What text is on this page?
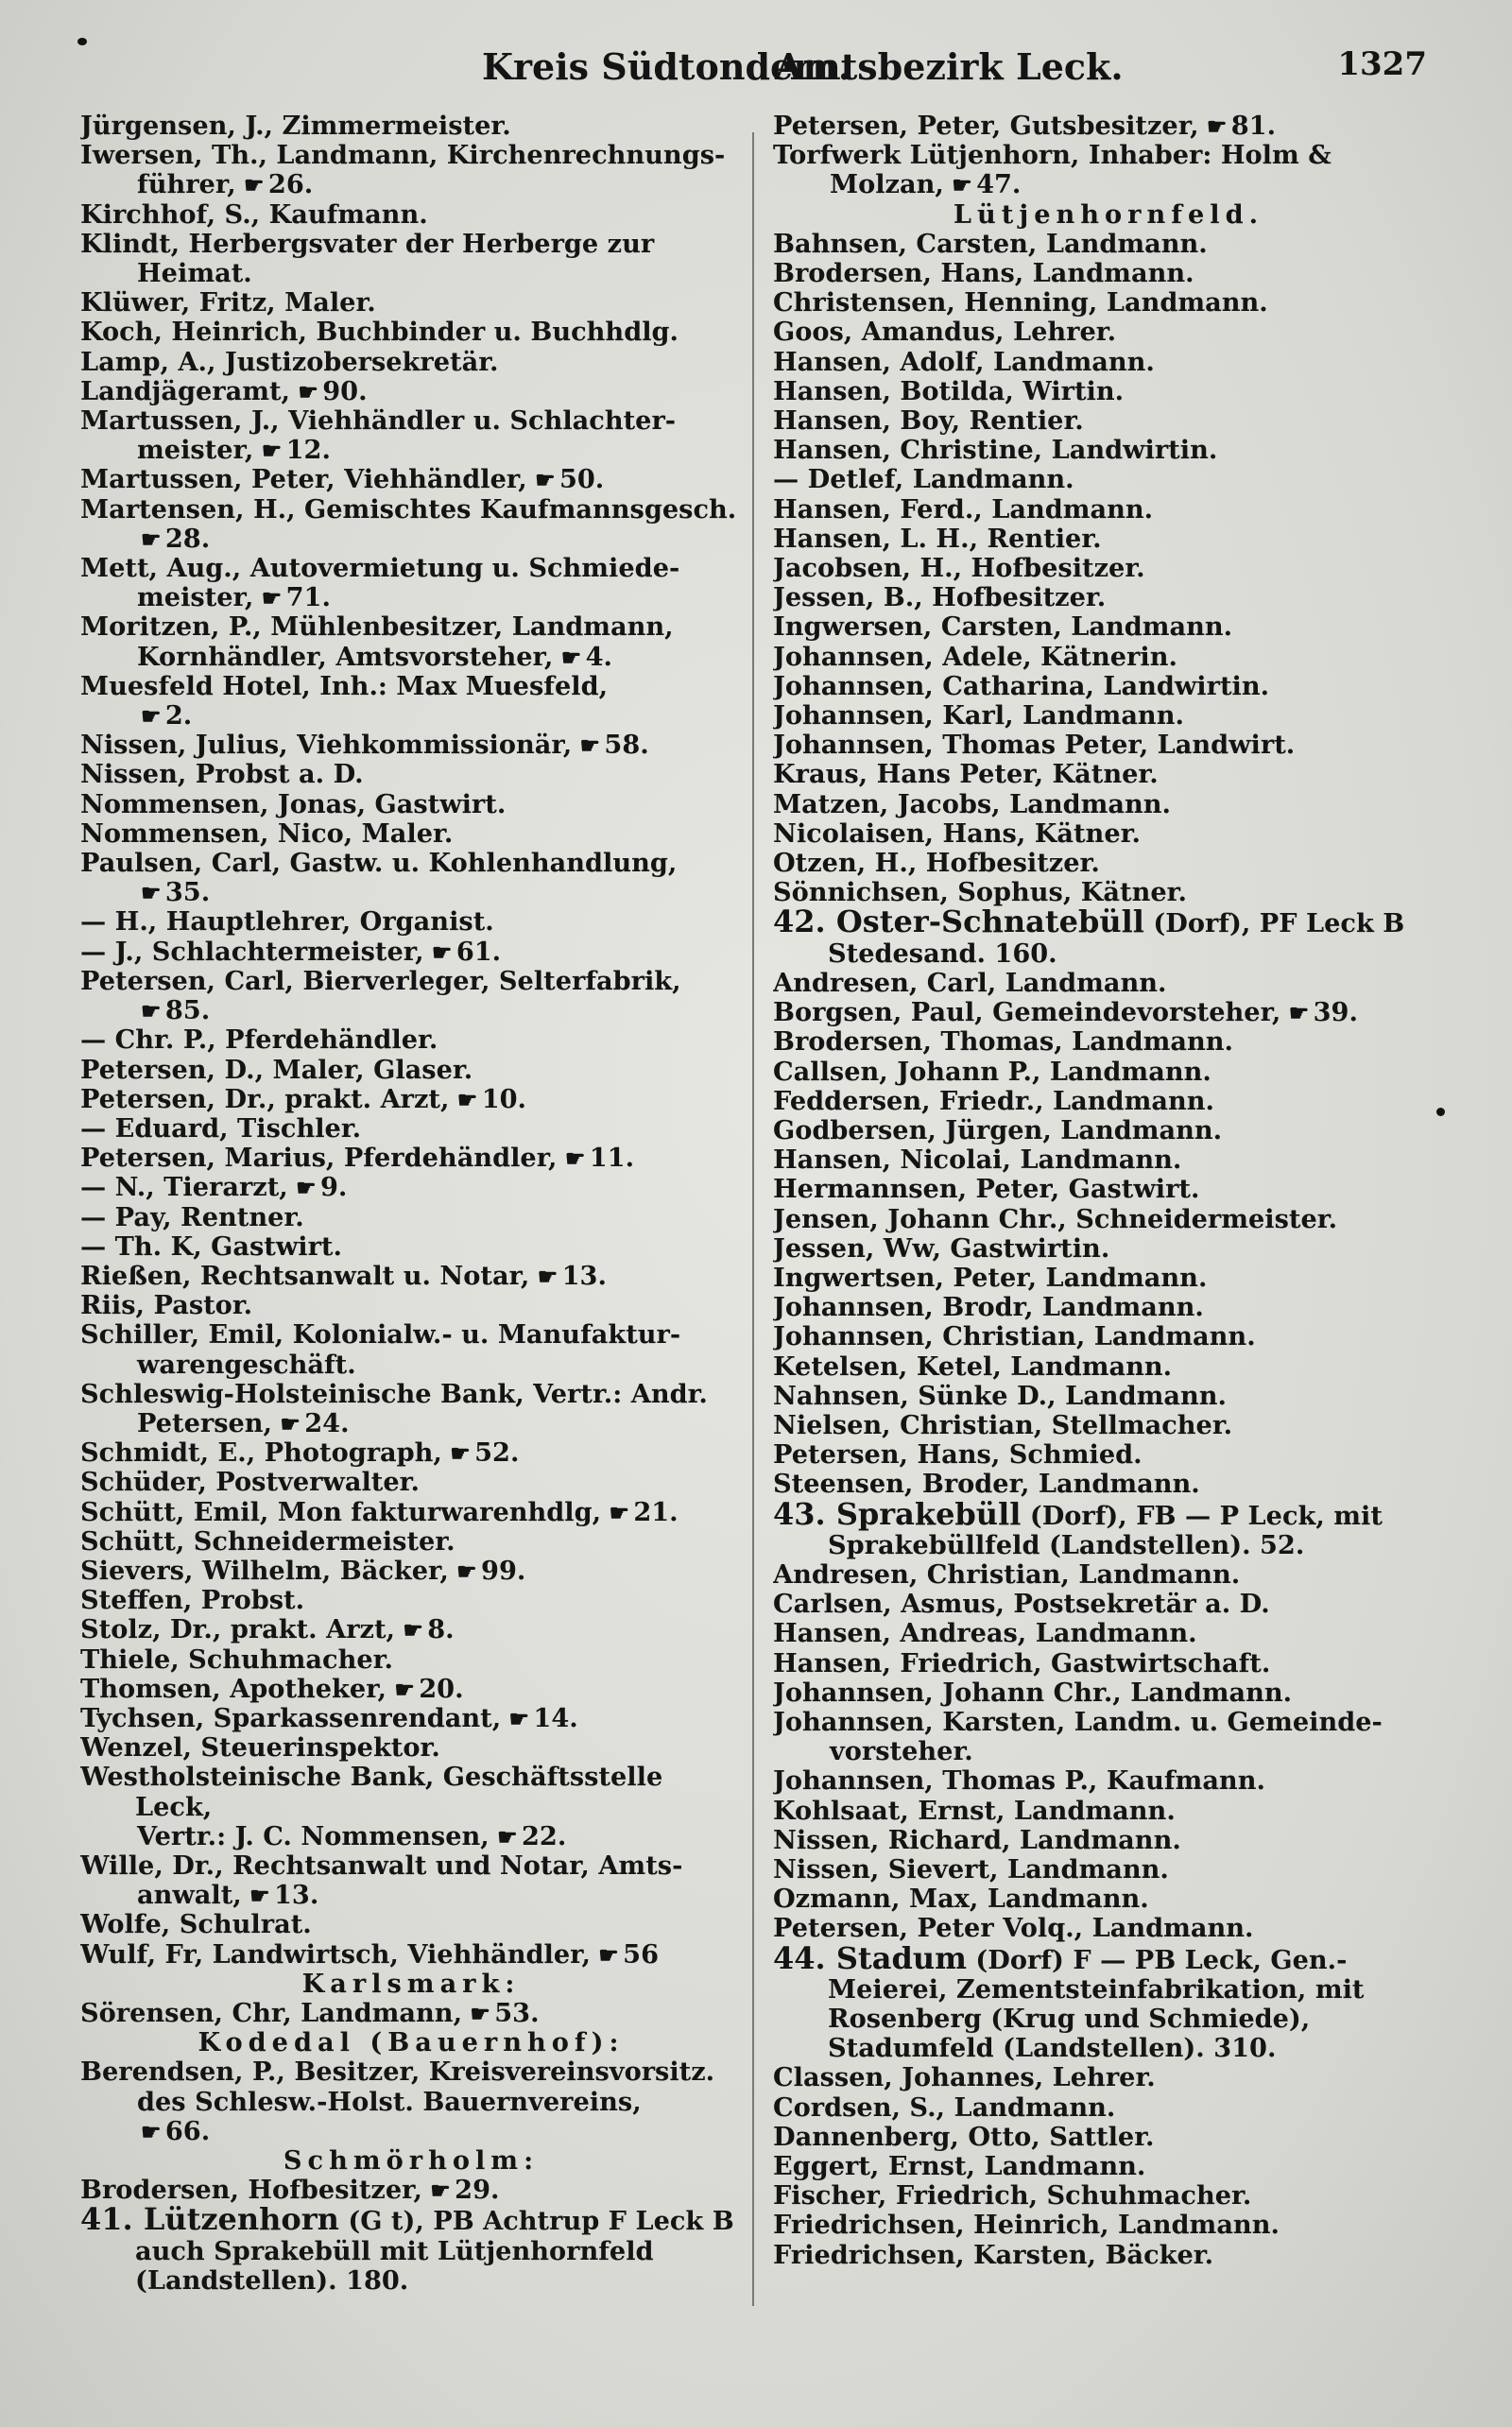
Kreis Südtondern.
Amtsbezirk Leck.	1327
Jürgensen, J., Zimmermeister.
Iwersen, Th., Landmann, Kirchenrechnungs-
führer, ☛ 26.
Kirchhof, S., Kaufmann.
Klindt, Herbergsvater der Herberge zur
Heimat.
Klüwer, Fritz, Maler.
Koch, Heinrich, Buchbinder u. Buchhdlg.
Lamp, A., Justizobersekretär.
Landjägeramt, ☛ 90.
Martussen, J., Viehhändler u. Schlachter-
meister, ☛ 12.
Martussen, Peter, Viehhändler, ☛ 50.
Martensen, H., Gemischtes Kaufmannsgesch.
☛ 28.
Mett, Aug., Autovermietung u. Schmiede-
meister, ☛ 71.
Moritzen, P., Mühlenbesitzer, Landmann,
Kornhändler, Amtsvorsteher, ☛ 4.
Muesfeld Hotel, Inh.: Max Muesfeld,
☛ 2.
Nissen, Julius, Viehkommissionär, ☛ 58.
Nissen, Probst a. D.
Nommensen, Jonas, Gastwirt.
Nommensen, Nico, Maler.
Paulsen, Carl, Gastw. u. Kohlenhandlung,
☛ 35.
— H., Hauptlehrer, Organist.
— J., Schlachtermeister, ☛ 61.
Petersen, Carl, Bierverleger, Selterfabrik,
☛ 85.
— Chr. P., Pferdehändler.
Petersen, D., Maler, Glaser.
Petersen, Dr., prakt. Arzt, ☛ 10.
— Eduard, Tischler.
Petersen, Marius, Pferdehändler, ☛ 11.
— N., Tierarzt, ☛ 9.
— Pay, Rentner.
— Th. K, Gastwirt.
Rießen, Rechtsanwalt u. Notar, ☛ 13.
Riis, Pastor.
Schiller, Emil, Kolonialw.- u. Manufaktur-
warengeschäft.
Schleswig-Holsteinische Bank, Vertr.: Andr.
Petersen, ☛ 24.
Schmidt, E., Photograph, ☛ 52.
Schüder, Postverwalter.
Schütt, Emil, Mon fakturwarenhdlg, ☛ 21.
Schütt, Schneidermeister.
Sievers, Wilhelm, Bäcker, ☛ 99.
Steffen, Probst.
Stolz, Dr., prakt. Arzt, ☛ 8.
Thiele, Schuhmacher.
Thomsen, Apotheker, ☛ 20.
Tychsen, Sparkassenrendant, ☛ 14.
Wenzel, Steuerinspektor.
Westholsteinische Bank, Geschäftsstelle Leck,
Vertr.: J. C. Nommensen, ☛ 22.
Wille, Dr., Rechtsanwalt und Notar, Amts-
anwalt, ☛ 13.
Wolfe, Schulrat.
Wulf, Fr, Landwirtsch, Viehhändler, ☛ 56
Karlsmark:
Sörensen, Chr, Landmann, ☛ 53.
Kodedal (Bauernhof):
Berendsen, P., Besitzer, Kreisvereinsvorsitz.
des Schlesw.-Holst. Bauernvereins,
☛ 66.
Schmörholm:
Brodersen, Hofbesitzer, ☛ 29.
41. Lützenhorn (G t), PB Achtrup F Leck B auch Sprakebüll mit Lütjenhornfeld (Landstellen). 180.
Petersen, Peter, Gutsbesitzer, ☛ 81.
Torfwerk Lütjenhorn, Inhaber: Holm &
Molzan, ☛ 47.
Lütjenhornfeld.
Bahnsen, Carsten, Landmann.
Brodersen, Hans, Landmann.
Christensen, Henning, Landmann.
Goos, Amandus, Lehrer.
Hansen, Adolf, Landmann.
Hansen, Botilda, Wirtin.
Hansen, Boy, Rentier.
Hansen, Christine, Landwirtin.
— Detlef, Landmann.
Hansen, Ferd., Landmann.
Hansen, L. H., Rentier.
Jacobsen, H., Hofbesitzer.
Jessen, B., Hofbesitzer.
Ingwersen, Carsten, Landmann.
Johannsen, Adele, Kätnerin.
Johannsen, Catharina, Landwirtin.
Johannsen, Karl, Landmann.
Johannsen, Thomas Peter, Landwirt.
Kraus, Hans Peter, Kätner.
Matzen, Jacobs, Landmann.
Nicolaisen, Hans, Kätner.
Otzen, H., Hofbesitzer.
Sönnichsen, Sophus, Kätner.
42. Oster-Schnatebüll (Dorf), PF Leck B Stedesand. 160.
Andresen, Carl, Landmann.
Borgsen, Paul, Gemeindevorsteher, ☛ 39.
Brodersen, Thomas, Landmann.
Callsen, Johann P., Landmann.
Feddersen, Friedr., Landmann.
Godbersen, Jürgen, Landmann.
Hansen, Nicolai, Landmann.
Hermannsen, Peter, Gastwirt.
Jensen, Johann Chr., Schneidermeister.
Jessen, Ww, Gastwirtin.
Ingwertsen, Peter, Landmann.
Johannsen, Brodr, Landmann.
Johannsen, Christian, Landmann.
Ketelsen, Ketel, Landmann.
Nahnsen, Sünke D., Landmann.
Nielsen, Christian, Stellmacher.
Petersen, Hans, Schmied.
Steensen, Broder, Landmann.
43. Sprakebüll (Dorf), FB — P Leck, mit Sprakebüllfeld (Landstellen). 52.
Andresen, Christian, Landmann.
Carlsen, Asmus, Postsekretär a. D.
Hansen, Andreas, Landmann.
Hansen, Friedrich, Gastwirtschaft.
Johannsen, Johann Chr., Landmann.
Johannsen, Karsten, Landm. u. Gemeinde-
vorsteher.
Johannsen, Thomas P., Kaufmann.
Kohlsaat, Ernst, Landmann.
Nissen, Richard, Landmann.
Nissen, Sievert, Landmann.
Ozmann, Max, Landmann.
Petersen, Peter Volq., Landmann.
44. Stadum (Dorf) F — PB Leck, Gen.-Meierei, Zementsteinfabrikation, mit Rosenberg (Krug und Schmiede), Stadumfeld (Landstellen). 310.
Classen, Johannes, Lehrer.
Cordsen, S., Landmann.
Dannenberg, Otto, Sattler.
Eggert, Ernst, Landmann.
Fischer, Friedrich, Schuhmacher.
Friedrichsen, Heinrich, Landmann.
Friedrichsen, Karsten, Bäcker.
